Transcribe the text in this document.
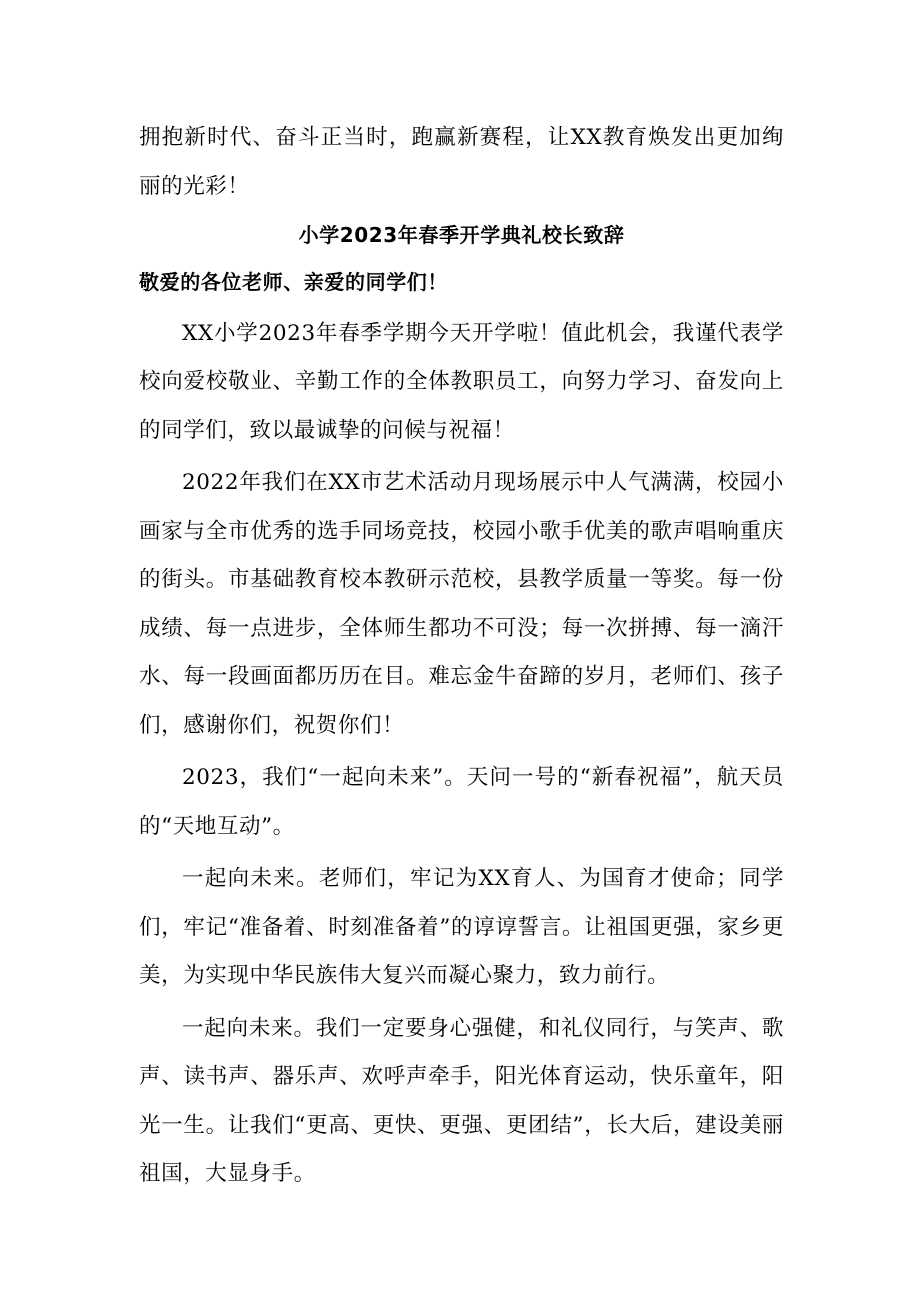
拥抱新时代、奋斗正当时，跑赢新赛程，让XX教育焕发出更加绚丽的光彩！

小学2023年春季开学典礼校长致辞

敬爱的各位老师、亲爱的同学们！

XX小学2023年春季学期今天开学啦！值此机会，我谨代表学校向爱校敬业、辛勤工作的全体教职员工，向努力学习、奋发向上的同学们，致以最诚挚的问候与祝福！

2022年我们在XX市艺术活动月现场展示中人气满满，校园小画家与全市优秀的选手同场竞技，校园小歌手优美的歌声唱响重庆的街头。市基础教育校本教研示范校，县教学质量一等奖。每一份成绩、每一点进步，全体师生都功不可没；每一次拼搏、每一滴汗水、每一段画面都历历在目。难忘金牛奋蹄的岁月，老师们、孩子们，感谢你们，祝贺你们！

2023，我们“一起向未来”。天问一号的“新春祝福”，航天员的“天地互动”。

一起向未来。老师们，牢记为XX育人、为国育才使命；同学们，牢记“准备着、时刻准备着”的谆谆誓言。让祖国更强，家乡更美，为实现中华民族伟大复兴而凝心聚力，致力前行。

一起向未来。我们一定要身心强健，和礼仪同行，与笑声、歌声、读书声、器乐声、欢呼声牵手，阳光体育运动，快乐童年，阳光一生。让我们“更高、更快、更强、更团结”，长大后，建设美丽祖国，大显身手。
